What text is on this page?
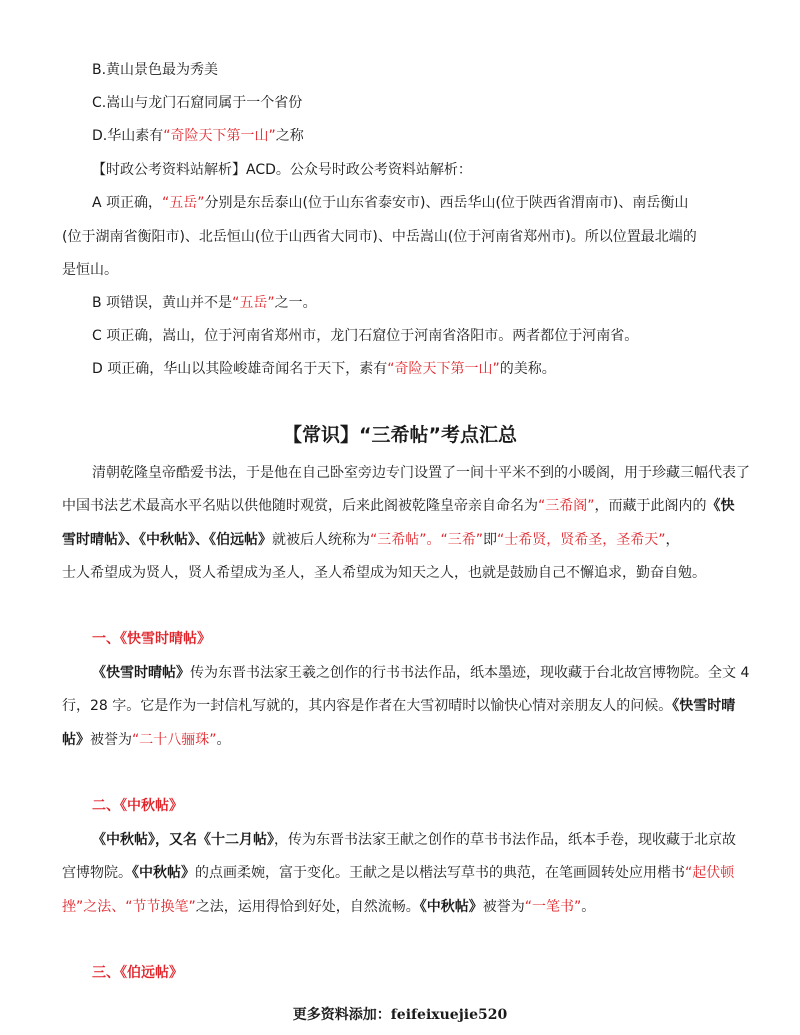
B.黄山景色最为秀美
C.嵩山与龙门石窟同属于一个省份
D.华山素有“奇险天下第一山”之称
【时政公考资料站解析】ACD。公众号时政公考资料站解析：
A 项正确，“五岳”分别是东岳泰山(位于山东省泰安市)、西岳华山(位于陕西省渭南市)、南岳衡山
(位于湖南省衡阳市)、北岳恒山(位于山西省大同市)、中岳嵩山(位于河南省郑州市)。所以位置最北端的
是恒山。
B 项错误，黄山并不是“五岳”之一。
C 项正确，嵩山，位于河南省郑州市，龙门石窟位于河南省洛阳市。两者都位于河南省。
D 项正确，华山以其险峻雄奇闻名于天下，素有“奇险天下第一山”的美称。
【常识】“三希帖”考点汇总
清朝乾隆皇帝酷爱书法，于是他在自己卧室旁边专门设置了一间十平米不到的小暖阁，用于珍藏三幅代表了
中国书法艺术最高水平名贴以供他随时观赏，后来此阁被乾隆皇帝亲自命名为“三希阁”，而藏于此阁内的《快
雪时晴帖》、《中秋帖》、《伯远帖》就被后人统称为“三希帖”。“三希”即“士希贤，贤希圣，圣希天”，
士人希望成为贤人，贤人希望成为圣人，圣人希望成为知天之人，也就是鼓励自己不懈追求，勤奋自勉。
一、《快雪时晴帖》
《快雪时晴帖》传为东晋书法家王羲之创作的行书书法作品，纸本墨迹，现收藏于台北故宫博物院。全文 4
行，28 字。它是作为一封信札写就的，其内容是作者在大雪初晴时以愉快心情对亲朋友人的问候。《快雪时晴
帖》被誉为“二十八骊珠”。
二、《中秋帖》
《中秋帖》，又名《十二月帖》，传为东晋书法家王献之创作的草书书法作品，纸本手卷，现收藏于北京故
宫博物院。《中秋帖》的点画柔婉，富于变化。王献之是以楷法写草书的典范，在笔画圆转处应用楷书“起伏顿
挫”之法、“节节换笔”之法，运用得恰到好处，自然流畅。《中秋帖》被誉为“一笔书”。
三、《伯远帖》
更多资料添加：feifeixuejie520
